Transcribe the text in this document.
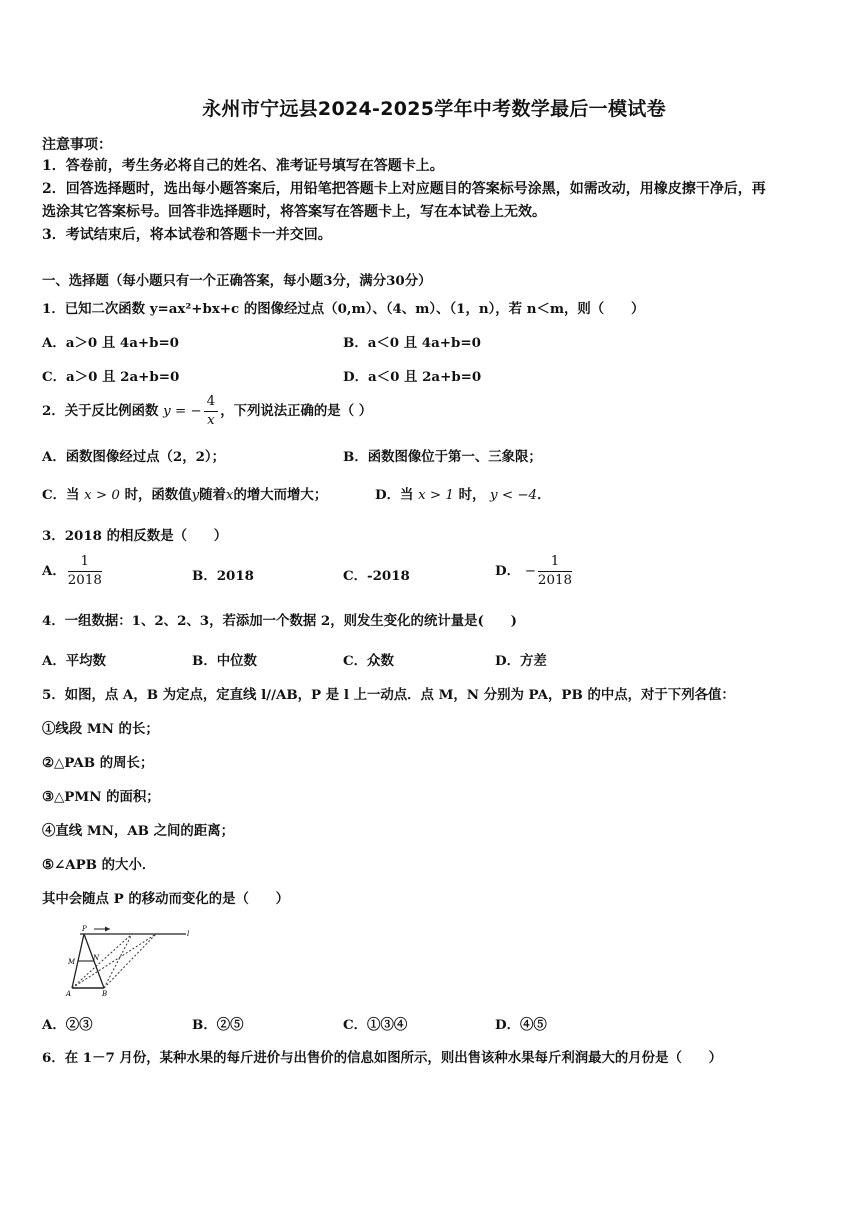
永州市宁远县2024-2025学年中考数学最后一模试卷
注意事项：
1．答卷前，考生务必将自己的姓名、准考证号填写在答题卡上。
2．回答选择题时，选出每小题答案后，用铅笔把答题卡上对应题目的答案标号涂黑，如需改动，用橡皮擦干净后，再
选涂其它答案标号。回答非选择题时，将答案写在答题卡上，写在本试卷上无效。
3．考试结束后，将本试卷和答题卡一并交回。
一、选择题（每小题只有一个正确答案，每小题3分，满分30分）
1．已知二次函数 y=ax²+bx+c 的图像经过点（0,m）、（4、m）、（1，n），若 n＜m，则（　　）
A．a＞0 且 4a+b=0	B．a＜0 且 4a+b=0
C．a＞0 且 2a+b=0	D．a＜0 且 2a+b=0
2．关于反比例函数 y = − $\frac{4}{x}$ ，下列说法正确的是（ ）
A．函数图像经过点（2，2）；	B．函数图像位于第一、三象限；
C．当 x > 0 时，函数值y随着x的增大而增大；	D．当 x > 1 时， y < −4．
3．2018 的相反数是（　　）
A． $\frac{1}{2018}$	B．2018	C．-2018	D． − $\frac{1}{2018}$
4．一组数据：1、2、2、3，若添加一个数据 2，则发生变化的统计量是(　　)
A．平均数	B．中位数	C．众数	D．方差
5．如图，点 A，B 为定点，定直线 l//AB，P 是 l 上一动点．点 M，N 分别为 PA，PB 的中点，对于下列各值：
①线段 MN 的长；
②△PAB 的周长；
③△PMN 的面积；
④直线 MN，AB 之间的距离；
⑤∠APB 的大小．
其中会随点 P 的移动而变化的是（　　）
P
M	N
A	B
l
A．②③	B．②⑤	C．①③④	D．④⑤
6．在 1－7 月份，某种水果的每斤进价与出售价的信息如图所示，则出售该种水果每斤利润最大的月份是（　　）
